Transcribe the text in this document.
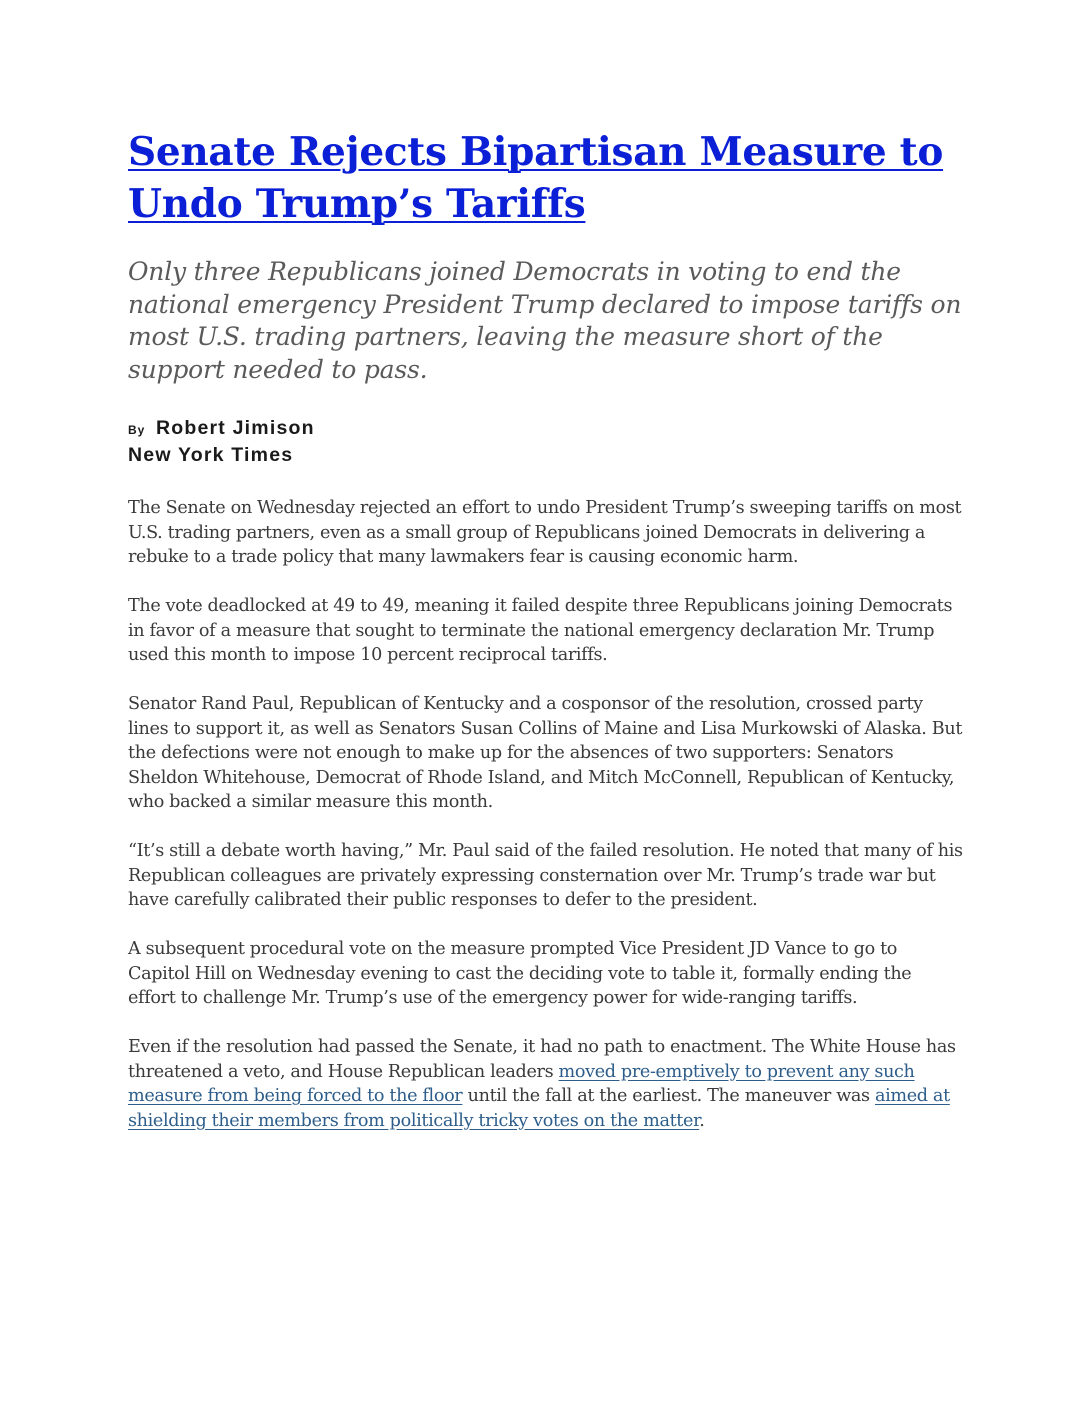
Senate Rejects Bipartisan Measure to Undo Trump’s Tariffs

Only three Republicans joined Democrats in voting to end the national emergency President Trump declared to impose tariffs on most U.S. trading partners, leaving the measure short of the support needed to pass.

By Robert Jimison
New York Times

The Senate on Wednesday rejected an effort to undo President Trump’s sweeping tariffs on most U.S. trading partners, even as a small group of Republicans joined Democrats in delivering a rebuke to a trade policy that many lawmakers fear is causing economic harm.

The vote deadlocked at 49 to 49, meaning it failed despite three Republicans joining Democrats in favor of a measure that sought to terminate the national emergency declaration Mr. Trump used this month to impose 10 percent reciprocal tariffs.

Senator Rand Paul, Republican of Kentucky and a cosponsor of the resolution, crossed party lines to support it, as well as Senators Susan Collins of Maine and Lisa Murkowski of Alaska. But the defections were not enough to make up for the absences of two supporters: Senators Sheldon Whitehouse, Democrat of Rhode Island, and Mitch McConnell, Republican of Kentucky, who backed a similar measure this month.

“It’s still a debate worth having,” Mr. Paul said of the failed resolution. He noted that many of his Republican colleagues are privately expressing consternation over Mr. Trump’s trade war but have carefully calibrated their public responses to defer to the president.

A subsequent procedural vote on the measure prompted Vice President JD Vance to go to Capitol Hill on Wednesday evening to cast the deciding vote to table it, formally ending the effort to challenge Mr. Trump’s use of the emergency power for wide-ranging tariffs.

Even if the resolution had passed the Senate, it had no path to enactment. The White House has threatened a veto, and House Republican leaders moved pre-emptively to prevent any such measure from being forced to the floor until the fall at the earliest. The maneuver was aimed at shielding their members from politically tricky votes on the matter.
